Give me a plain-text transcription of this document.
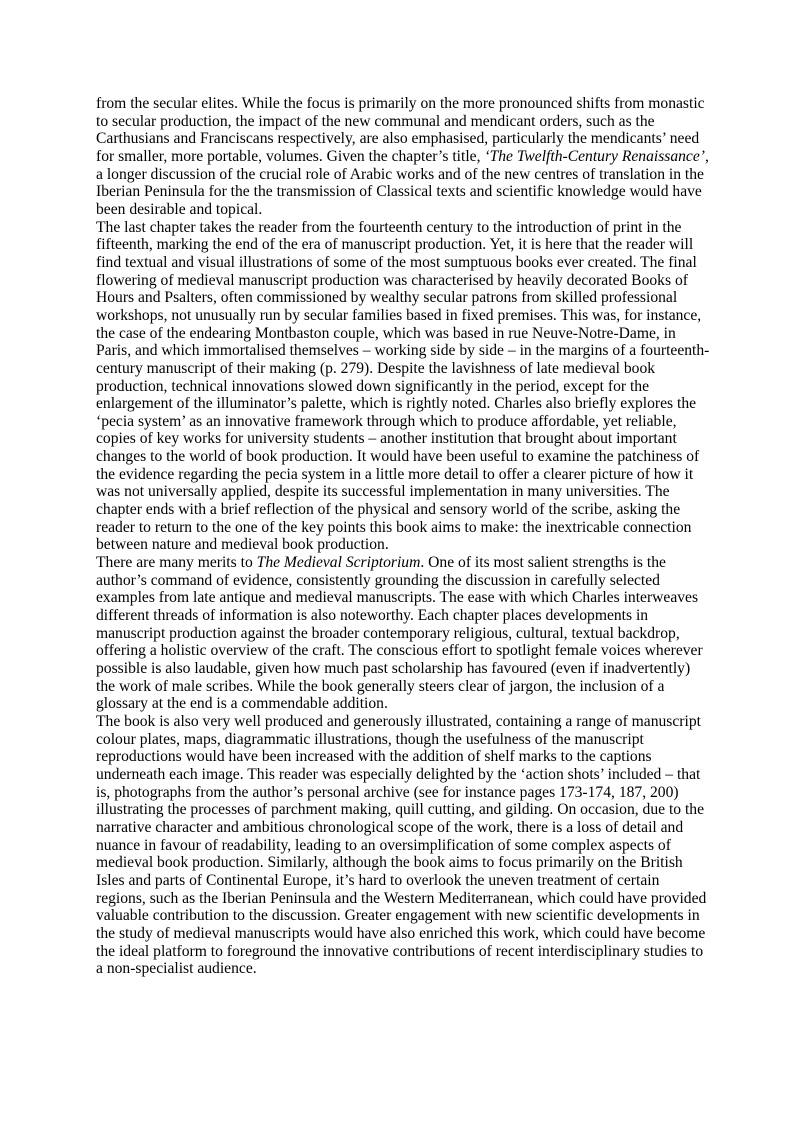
from the secular elites. While the focus is primarily on the more pronounced shifts from monastic to secular production, the impact of the new communal and mendicant orders, such as the Carthusians and Franciscans respectively, are also emphasised, particularly the mendicants’ need for smaller, more portable, volumes. Given the chapter’s title, ‘The Twelfth-Century Renaissance’, a longer discussion of the crucial role of Arabic works and of the new centres of translation in the Iberian Peninsula for the the transmission of Classical texts and scientific knowledge would have been desirable and topical.

The last chapter takes the reader from the fourteenth century to the introduction of print in the fifteenth, marking the end of the era of manuscript production. Yet, it is here that the reader will find textual and visual illustrations of some of the most sumptuous books ever created. The final flowering of medieval manuscript production was characterised by heavily decorated Books of Hours and Psalters, often commissioned by wealthy secular patrons from skilled professional workshops, not unusually run by secular families based in fixed premises. This was, for instance, the case of the endearing Montbaston couple, which was based in rue Neuve-Notre-Dame, in Paris, and which immortalised themselves – working side by side – in the margins of a fourteenth-century manuscript of their making (p. 279). Despite the lavishness of late medieval book production, technical innovations slowed down significantly in the period, except for the enlargement of the illuminator’s palette, which is rightly noted. Charles also briefly explores the ‘pecia system’ as an innovative framework through which to produce affordable, yet reliable, copies of key works for university students – another institution that brought about important changes to the world of book production. It would have been useful to examine the patchiness of the evidence regarding the pecia system in a little more detail to offer a clearer picture of how it was not universally applied, despite its successful implementation in many universities. The chapter ends with a brief reflection of the physical and sensory world of the scribe, asking the reader to return to the one of the key points this book aims to make: the inextricable connection between nature and medieval book production.

There are many merits to The Medieval Scriptorium. One of its most salient strengths is the author’s command of evidence, consistently grounding the discussion in carefully selected examples from late antique and medieval manuscripts. The ease with which Charles interweaves different threads of information is also noteworthy. Each chapter places developments in manuscript production against the broader contemporary religious, cultural, textual backdrop, offering a holistic overview of the craft. The conscious effort to spotlight female voices wherever possible is also laudable, given how much past scholarship has favoured (even if inadvertently) the work of male scribes. While the book generally steers clear of jargon, the inclusion of a glossary at the end is a commendable addition.

The book is also very well produced and generously illustrated, containing a range of manuscript colour plates, maps, diagrammatic illustrations, though the usefulness of the manuscript reproductions would have been increased with the addition of shelf marks to the captions underneath each image. This reader was especially delighted by the ‘action shots’ included – that is, photographs from the author’s personal archive (see for instance pages 173-174, 187, 200) illustrating the processes of parchment making, quill cutting, and gilding. On occasion, due to the narrative character and ambitious chronological scope of the work, there is a loss of detail and nuance in favour of readability, leading to an oversimplification of some complex aspects of medieval book production. Similarly, although the book aims to focus primarily on the British Isles and parts of Continental Europe, it’s hard to overlook the uneven treatment of certain regions, such as the Iberian Peninsula and the Western Mediterranean, which could have provided valuable contribution to the discussion. Greater engagement with new scientific developments in the study of medieval manuscripts would have also enriched this work, which could have become the ideal platform to foreground the innovative contributions of recent interdisciplinary studies to a non-specialist audience.
